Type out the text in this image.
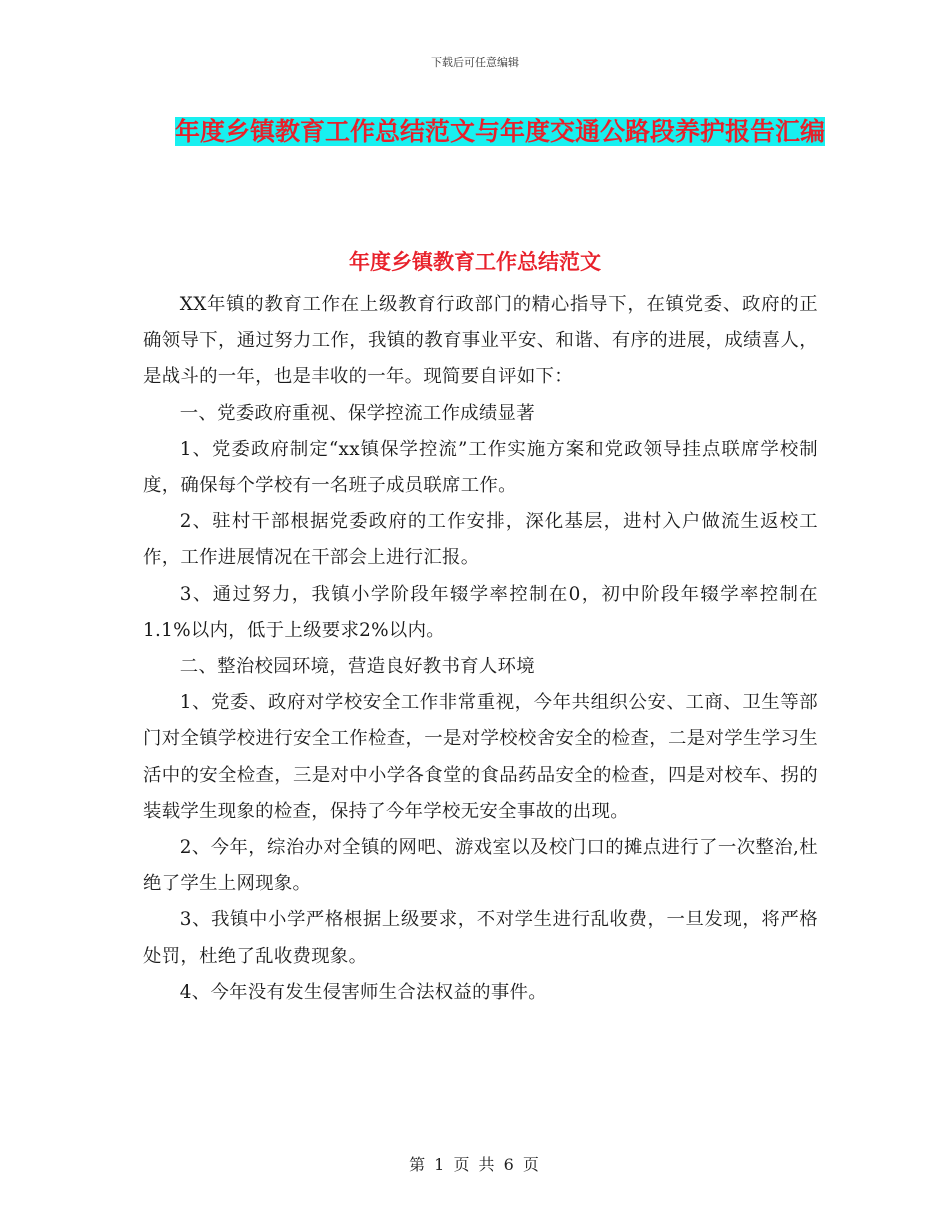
下载后可任意编辑
年度乡镇教育工作总结范文与年度交通公路段养护报告汇编
年度乡镇教育工作总结范文

XX年镇的教育工作在上级教育行政部门的精心指导下，在镇党委、政府的正确领导下，通过努力工作，我镇的教育事业平安、和谐、有序的进展，成绩喜人，是战斗的一年，也是丰收的一年。现简要自评如下：

一、党委政府重视、保学控流工作成绩显著

1、党委政府制定“xx镇保学控流”工作实施方案和党政领导挂点联席学校制度，确保每个学校有一名班子成员联席工作。

2、驻村干部根据党委政府的工作安排，深化基层，进村入户做流生返校工作，工作进展情况在干部会上进行汇报。

3、通过努力，我镇小学阶段年辍学率控制在0，初中阶段年辍学率控制在1.1%以内，低于上级要求2%以内。

二、整治校园环境，营造良好教书育人环境

1、党委、政府对学校安全工作非常重视，今年共组织公安、工商、卫生等部门对全镇学校进行安全工作检查，一是对学校校舍安全的检查，二是对学生学习生活中的安全检查，三是对中小学各食堂的食品药品安全的检查，四是对校车、拐的装载学生现象的检查，保持了今年学校无安全事故的出现。

2、今年，综治办对全镇的网吧、游戏室以及校门口的摊点进行了一次整治,杜绝了学生上网现象。

3、我镇中小学严格根据上级要求，不对学生进行乱收费，一旦发现，将严格处罚，杜绝了乱收费现象。

4、今年没有发生侵害师生合法权益的事件。

第 1 页 共 6 页
